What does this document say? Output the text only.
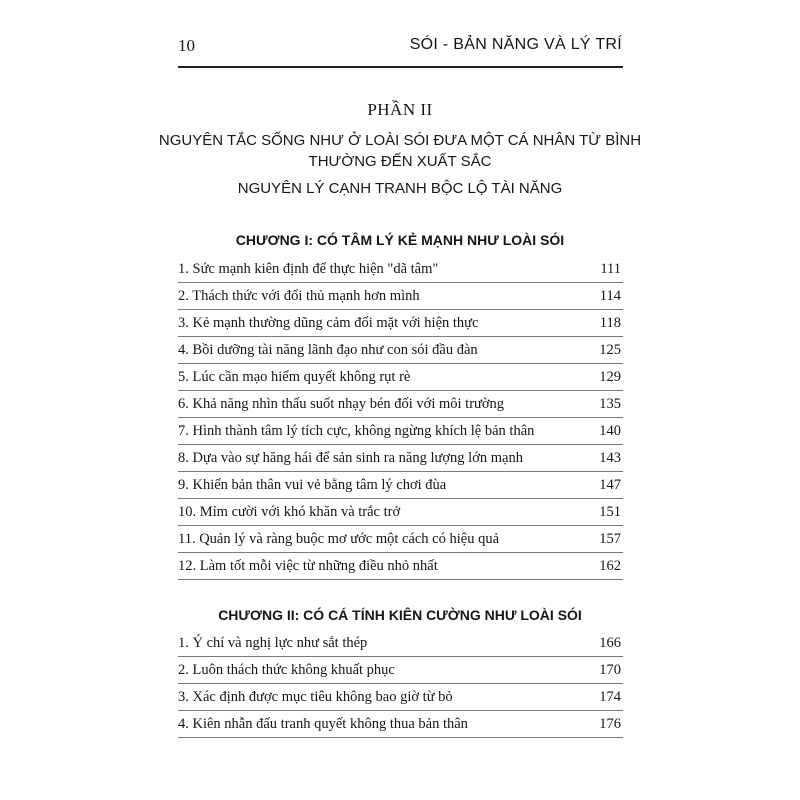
10	SÓI - BẢN NĂNG VÀ LÝ TRÍ
PHẦN II
NGUYÊN TẮC SỐNG NHƯ Ở LOÀI SÓI ĐƯA MỘT CÁ NHÂN TỪ BÌNH
THƯỜNG ĐẾN XUẤT SẮC
NGUYÊN LÝ CẠNH TRANH BỘC LỘ TÀI NĂNG
CHƯƠNG I: CÓ TÂM LÝ KẺ MẠNH NHƯ LOÀI SÓI
1. Sức mạnh kiên định để thực hiện "dã tâm"	111
2. Thách thức với đối thủ mạnh hơn mình	114
3. Kẻ mạnh thường dũng cảm đối mặt với hiện thực	118
4. Bồi dưỡng tài năng lãnh đạo như con sói đầu đàn	125
5. Lúc cần mạo hiểm quyết không rụt rè	129
6. Khả năng nhìn thấu suốt nhạy bén đối với môi trường	135
7. Hình thành tâm lý tích cực, không ngừng khích lệ bản thân	140
8. Dựa vào sự hăng hái để sản sinh ra năng lượng lớn mạnh	143
9. Khiến bản thân vui vẻ bằng tâm lý chơi đùa	147
10. Mỉm cười với khó khăn và trắc trở	151
11. Quản lý và ràng buộc mơ ước một cách có hiệu quả	157
12. Làm tốt mỗi việc từ những điều nhỏ nhất	162
CHƯƠNG II: CÓ CÁ TÍNH KIÊN CƯỜNG NHƯ LOÀI SÓI
1. Ý chí và nghị lực như sắt thép	166
2. Luôn thách thức không khuất phục	170
3. Xác định được mục tiêu không bao giờ từ bỏ	174
4. Kiên nhẫn đấu tranh quyết không thua bản thân	176
